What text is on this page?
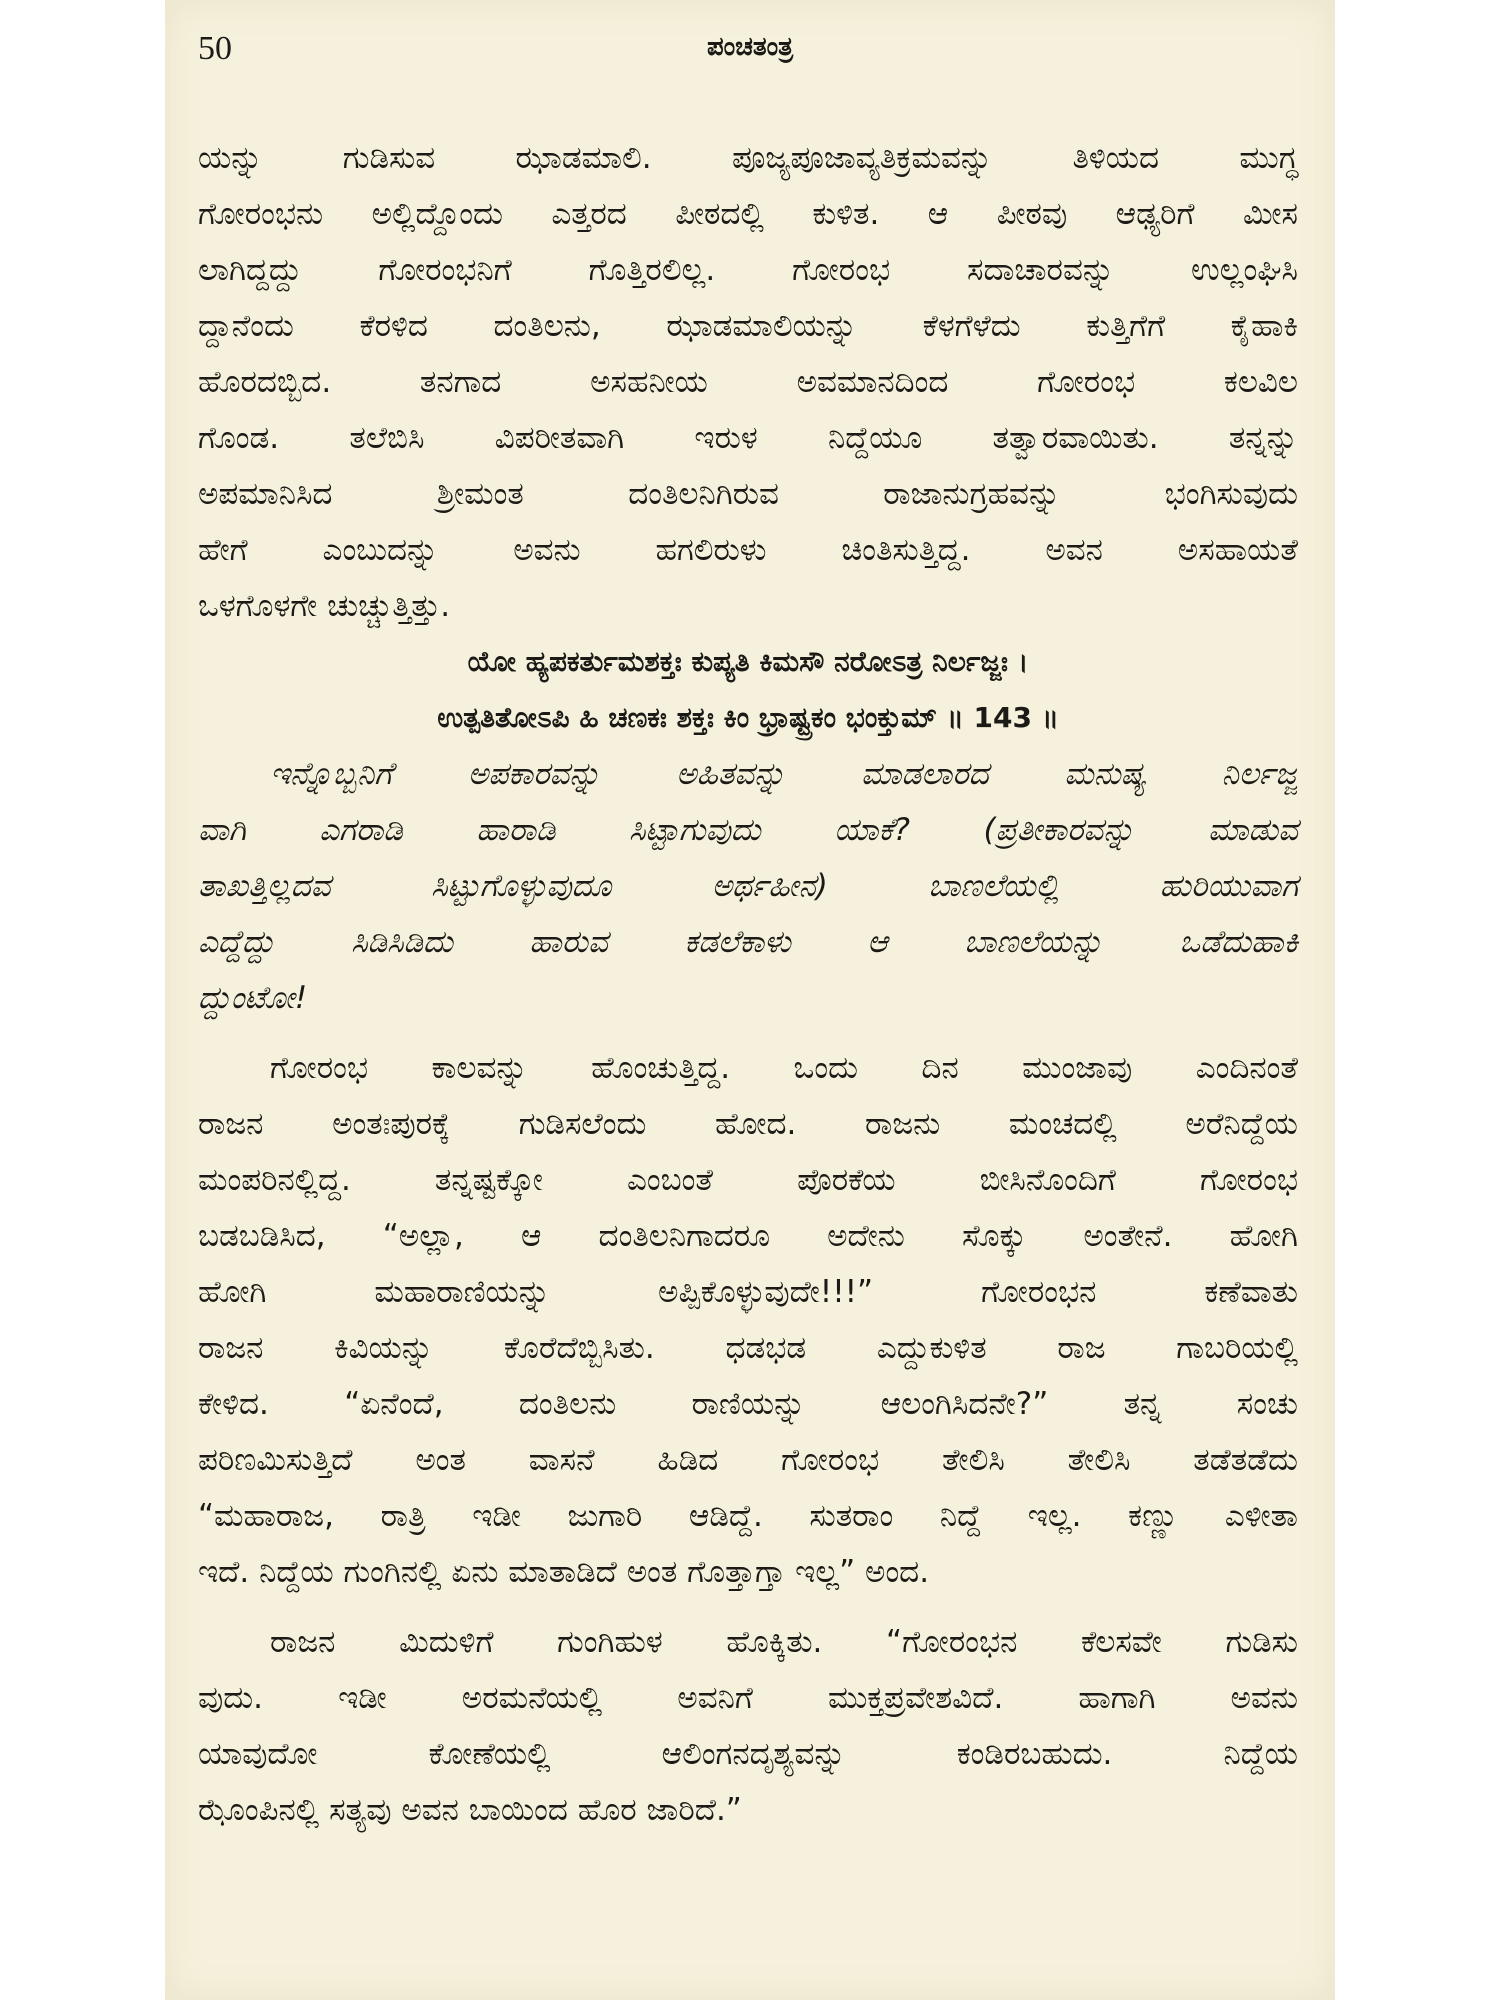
50	ಪಂಚತಂತ್ರ
ಯನ್ನು ಗುಡಿಸುವ ಝಾಡಮಾಲಿ. ಪೂಜ್ಯಪೂಜಾವ್ಯತಿಕ್ರಮವನ್ನು ತಿಳಿಯದ ಮುಗ್ಧ
ಗೋರಂಭನು ಅಲ್ಲಿದ್ದೊಂದು ಎತ್ತರದ ಪೀಠದಲ್ಲಿ ಕುಳಿತ. ಆ ಪೀಠವು ಆಢ್ಯರಿಗೆ ಮೀಸ
ಲಾಗಿದ್ದದ್ದು ಗೋರಂಭನಿಗೆ ಗೊತ್ತಿರಲಿಲ್ಲ. ಗೋರಂಭ ಸದಾಚಾರವನ್ನು ಉಲ್ಲಂಘಿಸಿ
ದ್ದಾನೆಂದು ಕೆರಳಿದ ದಂತಿಲನು, ಝಾಡಮಾಲಿಯನ್ನು ಕೆಳಗೆಳೆದು ಕುತ್ತಿಗೆಗೆ ಕೈಹಾಕಿ
ಹೊರದಬ್ಬಿದ. ತನಗಾದ ಅಸಹನೀಯ ಅವಮಾನದಿಂದ ಗೋರಂಭ ಕಲವಿಲ
ಗೊಂಡ. ತಲೆಬಿಸಿ ವಿಪರೀತವಾಗಿ ಇರುಳ ನಿದ್ದೆಯೂ ತತ್ವಾರವಾಯಿತು. ತನ್ನನ್ನು
ಅಪಮಾನಿಸಿದ ಶ್ರೀಮಂತ ದಂತಿಲನಿಗಿರುವ ರಾಜಾನುಗ್ರಹವನ್ನು ಭಂಗಿಸುವುದು
ಹೇಗೆ ಎಂಬುದನ್ನು ಅವನು ಹಗಲಿರುಳು ಚಿಂತಿಸುತ್ತಿದ್ದ. ಅವನ ಅಸಹಾಯತೆ
ಒಳಗೊಳಗೇ ಚುಚ್ಚುತ್ತಿತ್ತು.
ಯೋ ಹ್ಯಪಕರ್ತುಮಶಕ್ತಃ ಕುಪ್ಯತಿ ಕಿಮಸೌ ನರೋಽತ್ರ ನಿರ್ಲಜ್ಜಃ ।
ಉತ್ಪತಿತೋಽಪಿ ಹಿ ಚಣಕಃ ಶಕ್ತಃ ಕಿಂ ಭ್ರಾಷ್ಟ್ರಕಂ ಭಂಕ್ತುಮ್ ॥ 143 ॥
ಇನ್ನೊಬ್ಬನಿಗೆ ಅಪಕಾರವನ್ನು ಅಹಿತವನ್ನು ಮಾಡಲಾರದ ಮನುಷ್ಯ ನಿರ್ಲಜ್ಜ
ವಾಗಿ ಎಗರಾಡಿ ಹಾರಾಡಿ ಸಿಟ್ಟಾಗುವುದು ಯಾಕೆ? (ಪ್ರತೀಕಾರವನ್ನು ಮಾಡುವ
ತಾಖತ್ತಿಲ್ಲದವ ಸಿಟ್ಟುಗೊಳ್ಳುವುದೂ ಅರ್ಥಹೀನ) ಬಾಣಲೆಯಲ್ಲಿ ಹುರಿಯುವಾಗ
ಎದ್ದೆದ್ದು ಸಿಡಿಸಿಡಿದು ಹಾರುವ ಕಡಲೆಕಾಳು ಆ ಬಾಣಲೆಯನ್ನು ಒಡೆದುಹಾಕಿ
ದ್ದುಂಟೋ!
ಗೋರಂಭ ಕಾಲವನ್ನು ಹೊಂಚುತ್ತಿದ್ದ. ಒಂದು ದಿನ ಮುಂಜಾವು ಎಂದಿನಂತೆ
ರಾಜನ ಅಂತಃಪುರಕ್ಕೆ ಗುಡಿಸಲೆಂದು ಹೋದ. ರಾಜನು ಮಂಚದಲ್ಲಿ ಅರೆನಿದ್ದೆಯ
ಮಂಪರಿನಲ್ಲಿದ್ದ. ತನ್ನಷ್ಟಕ್ಕೋ ಎಂಬಂತೆ ಪೊರಕೆಯ ಬೀಸಿನೊಂದಿಗೆ ಗೋರಂಭ
ಬಡಬಡಿಸಿದ, “ಅಲ್ಲಾ, ಆ ದಂತಿಲನಿಗಾದರೂ ಅದೇನು ಸೊಕ್ಕು ಅಂತೇನೆ. ಹೋಗಿ
ಹೋಗಿ ಮಹಾರಾಣಿಯನ್ನು ಅಪ್ಪಿಕೊಳ್ಳುವುದೇ!!!” ಗೋರಂಭನ ಕಣೆವಾತು
ರಾಜನ ಕಿವಿಯನ್ನು ಕೊರೆದೆಬ್ಬಿಸಿತು. ಧಡಭಡ ಎದ್ದುಕುಳಿತ ರಾಜ ಗಾಬರಿಯಲ್ಲಿ
ಕೇಳಿದ. “ಏನೆಂದೆ, ದಂತಿಲನು ರಾಣಿಯನ್ನು ಆಲಂಗಿಸಿದನೇ?” ತನ್ನ ಸಂಚು
ಪರಿಣಮಿಸುತ್ತಿದೆ ಅಂತ ವಾಸನೆ ಹಿಡಿದ ಗೋರಂಭ ತೇಲಿಸಿ ತೇಲಿಸಿ ತಡೆತಡೆದು
“ಮಹಾರಾಜ, ರಾತ್ರಿ ಇಡೀ ಜುಗಾರಿ ಆಡಿದ್ದೆ. ಸುತರಾಂ ನಿದ್ದೆ ಇಲ್ಲ. ಕಣ್ಣು ಎಳೀತಾ
ಇದೆ. ನಿದ್ದೆಯ ಗುಂಗಿನಲ್ಲಿ ಏನು ಮಾತಾಡಿದೆ ಅಂತ ಗೊತ್ತಾಗ್ತಾ ಇಲ್ಲ” ಅಂದ.
ರಾಜನ ಮಿದುಳಿಗೆ ಗುಂಗಿಹುಳ ಹೊಕ್ಕಿತು. “ಗೋರಂಭನ ಕೆಲಸವೇ ಗುಡಿಸು
ವುದು. ಇಡೀ ಅರಮನೆಯಲ್ಲಿ ಅವನಿಗೆ ಮುಕ್ತಪ್ರವೇಶವಿದೆ. ಹಾಗಾಗಿ ಅವನು
ಯಾವುದೋ ಕೋಣೆಯಲ್ಲಿ ಆಲಿಂಗನದೃಶ್ಯವನ್ನು ಕಂಡಿರಬಹುದು. ನಿದ್ದೆಯ
ಝೊಂಪಿನಲ್ಲಿ ಸತ್ಯವು ಅವನ ಬಾಯಿಂದ ಹೊರ ಜಾರಿದೆ.”
